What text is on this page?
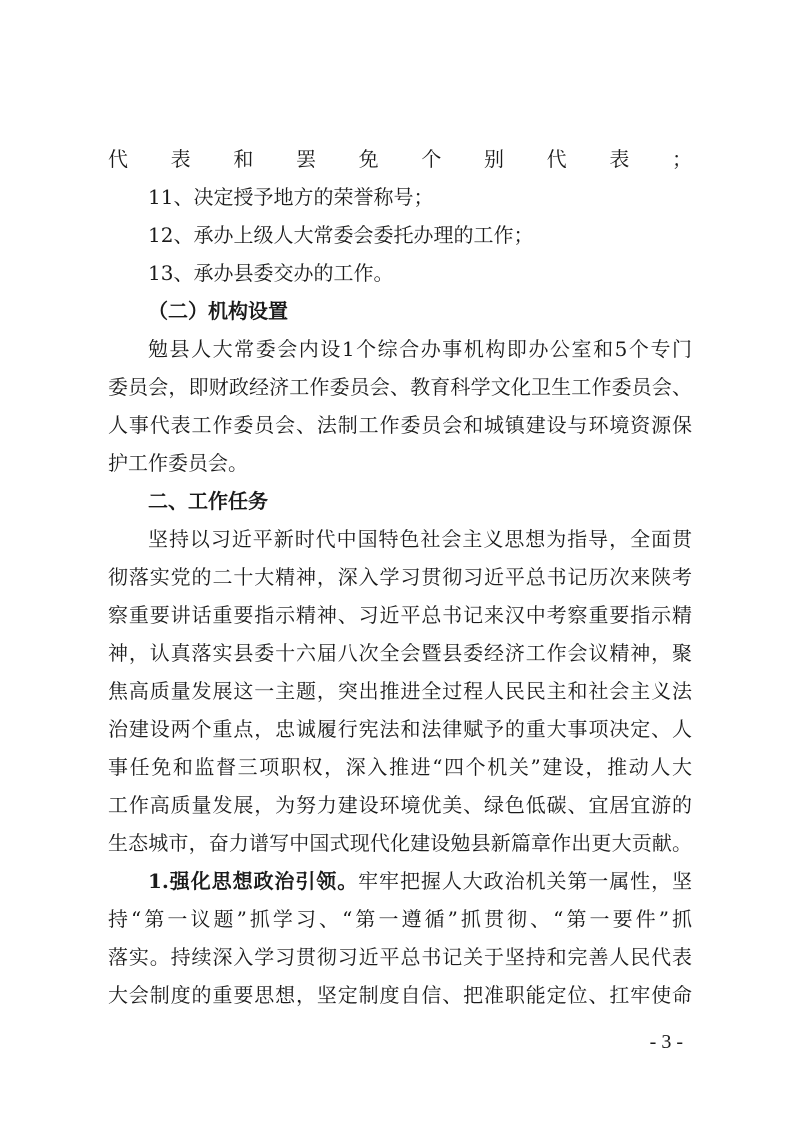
代表和罢免个别代表；
11、决定授予地方的荣誉称号；
12、承办上级人大常委会委托办理的工作；
13、承办县委交办的工作。
（二）机构设置
勉县人大常委会内设1个综合办事机构即办公室和5个专门
委员会，即财政经济工作委员会、教育科学文化卫生工作委员会、
人事代表工作委员会、法制工作委员会和城镇建设与环境资源保
护工作委员会。
二、工作任务
坚持以习近平新时代中国特色社会主义思想为指导，全面贯
彻落实党的二十大精神，深入学习贯彻习近平总书记历次来陕考
察重要讲话重要指示精神、习近平总书记来汉中考察重要指示精
神，认真落实县委十六届八次全会暨县委经济工作会议精神，聚
焦高质量发展这一主题，突出推进全过程人民民主和社会主义法
治建设两个重点，忠诚履行宪法和法律赋予的重大事项决定、人
事任免和监督三项职权，深入推进“四个机关”建设，推动人大
工作高质量发展，为努力建设环境优美、绿色低碳、宜居宜游的
生态城市，奋力谱写中国式现代化建设勉县新篇章作出更大贡献。
1.强化思想政治引领。牢牢把握人大政治机关第一属性，坚
持“第一议题”抓学习、“第一遵循”抓贯彻、“第一要件”抓
落实。持续深入学习贯彻习近平总书记关于坚持和完善人民代表
大会制度的重要思想，坚定制度自信、把准职能定位、扛牢使命
- 3 -
